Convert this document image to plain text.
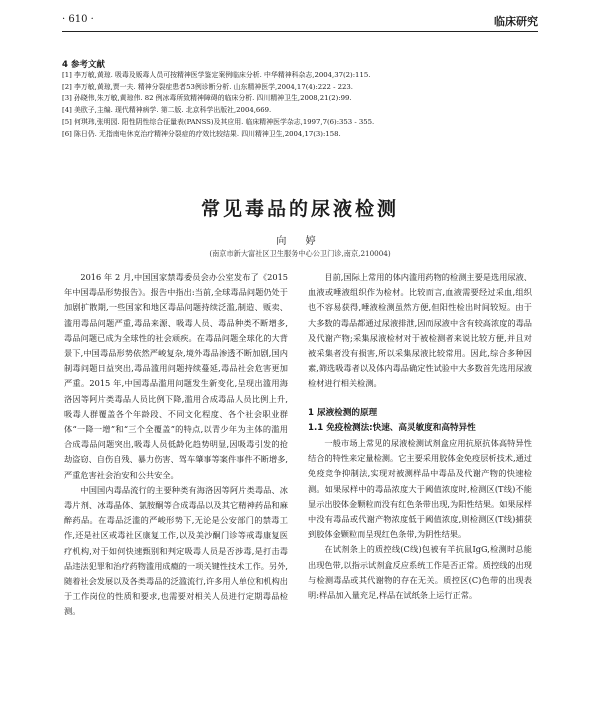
· 610 ·	临床研究
4 参考文献
[1] 李万敏,黄琼. 吸毒及贩毒人员可按精神医学鉴定案例临床分析. 中华精神科杂志,2004,37(2):115.
[2] 李万敏,黄琼,贾一夫. 精神分裂症患者53例诊断分析. 山东精神医学,2004,17(4):222 - 223.
[3] 孙晓伟,朱万敏,黄琼伟. 82 例冰毒所致精神障碍的临床分析. 四川精神卫生,2008,21(2):99.
[4] 美欧子,主编. 现代精神病学. 第二版. 北京科学出版社,2004,669.
[5] 何琪玮,张明园. 阳性阴性综合征量表(PANSS)及其应用. 临床精神医学杂志,1997,7(6):353 - 355.
[6] 陈日仍. 无指南电休克治疗精神分裂症的疗效比较结果. 四川精神卫生,2004,17(3):158.
常见毒品的尿液检测
向 婷
(南京市新大富社区卫生服务中心公卫门诊,南京,210004)

2016 年 2 月,中国国家禁毒委员会办公室发布了《2015 年中国毒品形势报告》。报告中指出:当前,全球毒品问题仍处于加剧扩散期,一些国家和地区毒品问题持续泛滥,制造、贩卖、滥用毒品问题严重,毒品来源、吸毒人员、毒品种类不断增多,毒品问题已成为全球性的社会顽疾。在毒品问题全球化的大背景下,中国毒品形势依然严峻复杂,境外毒品渗透不断加剧,国内制毒问题日益突出,毒品滥用问题持续蔓延,毒品社会危害更加严重。2015 年,中国毒品滥用问题发生新变化,呈现出滥用海洛因等阿片类毒品人员比例下降,滥用合成毒品人员比例上升,吸毒人群覆盖各个年龄段、不同文化程度、各个社会职业群体“一降一增”和“三个全覆盖”的特点,以青少年为主体的滥用合成毒品问题突出,吸毒人员低龄化趋势明显,因吸毒引发的抢劫盗窃、自伤自残、暴力伤害、驾车肇事等案件事件不断增多,严重危害社会治安和公共安全。

中国国内毒品流行的主要种类有海洛因等阿片类毒品、冰毒片剂、冰毒晶体、氯胺酮等合成毒品以及其它精神药品和麻醉药品。在毒品泛滥的严峻形势下,无论是公安部门的禁毒工作,还是社区戒毒社区康复工作,以及美沙酮门诊等戒毒康复医疗机构,对于如何快速甄别和判定吸毒人员是否涉毒,是打击毒品违法犯罪和治疗药物滥用成瘾的一项关键性技术工作。另外,随着社会发展以及各类毒品的泛滥流行,许多用人单位和机构出于工作岗位的性质和要求,也需要对相关人员进行定期毒品检测。

目前,国际上常用的体内滥用药物的检测主要是选用尿液、血液或唾液组织作为检材。比较而言,血液需要经过采血,组织也不容易获得,唾液检测虽然方便,但阳性检出时间较短。由于大多数的毒品都通过尿液排泄,因而尿液中含有较高浓度的毒品及代谢产物;采集尿液检材对于被检测者来说比较方便,并且对被采集者没有损害,所以采集尿液比较常用。因此,综合多种因素,筛选吸毒者以及体内毒品确定性试验中大多数首先选用尿液检材进行相关检测。

1 尿液检测的原理
1.1 免疫检测法:快速、高灵敏度和高特异性

一般市场上常见的尿液检测试剂盒应用抗原抗体高特异性结合的特性来定量检测。它主要采用胶体金免疫层析技术,通过免疫竞争抑制法,实现对被测样品中毒品及代谢产物的快速检测。如果尿样中的毒品浓度大于阈值浓度时,检测区(T线)不能显示出胶体金颗粒而没有红色条带出现,为阳性结果。如果尿样中没有毒品或代谢产物浓度低于阈值浓度,则检测区(T线)捕获到胶体金颗粒而呈现红色条带,为阴性结果。

在试剂条上的质控线(C线)包被有羊抗鼠IgG,检测时总能出现色带,以指示试剂盒反应系统工作是否正常。质控线的出现与检测毒品或其代谢物的存在无关。质控区(C)色带的出现表明:样品加入量充足,样品在试纸条上运行正常。
